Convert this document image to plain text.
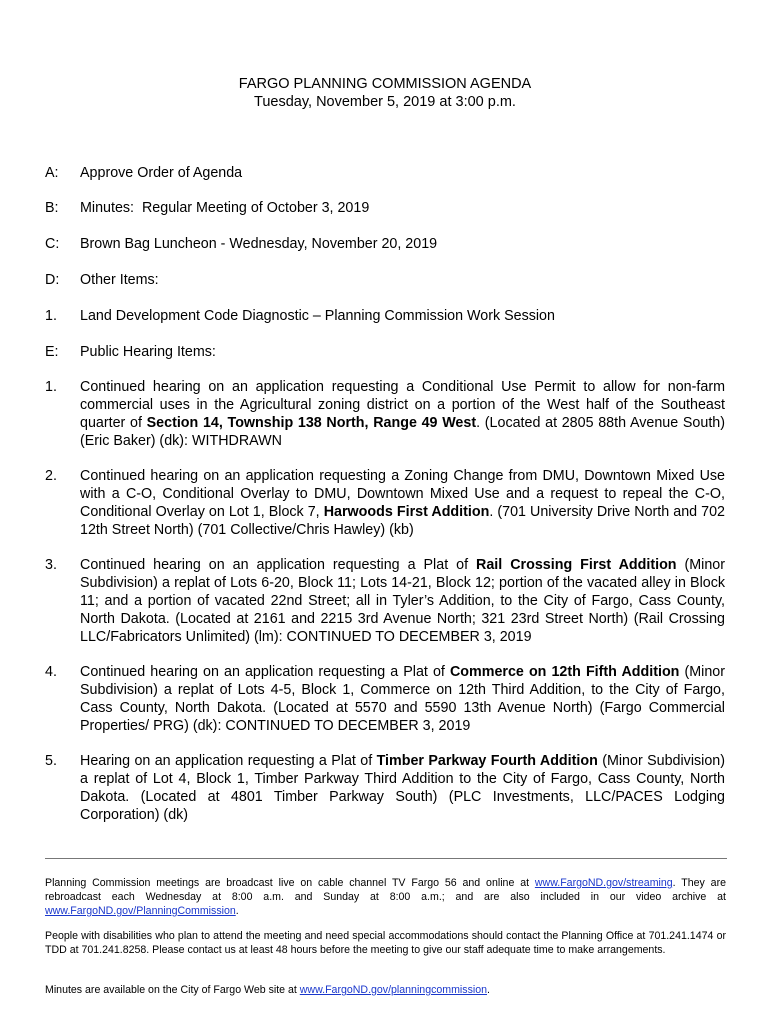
FARGO PLANNING COMMISSION AGENDA
Tuesday, November 5, 2019 at 3:00 p.m.
A: Approve Order of Agenda
B: Minutes:  Regular Meeting of October 3, 2019
C: Brown Bag Luncheon - Wednesday, November 20, 2019
D: Other Items:
1. Land Development Code Diagnostic – Planning Commission Work Session
E: Public Hearing Items:
1. Continued hearing on an application requesting a Conditional Use Permit to allow for non-farm commercial uses in the Agricultural zoning district on a portion of the West half of the Southeast quarter of Section 14, Township 138 North, Range 49 West. (Located at 2805 88th Avenue South) (Eric Baker) (dk): WITHDRAWN
2. Continued hearing on an application requesting a Zoning Change from DMU, Downtown Mixed Use with a C-O, Conditional Overlay to DMU, Downtown Mixed Use and a request to repeal the C-O, Conditional Overlay on Lot 1, Block 7, Harwoods First Addition. (701 University Drive North and 702 12th Street North) (701 Collective/Chris Hawley) (kb)
3. Continued hearing on an application requesting a Plat of Rail Crossing First Addition (Minor Subdivision) a replat of Lots 6-20, Block 11; Lots 14-21, Block 12; portion of the vacated alley in Block 11; and a portion of vacated 22nd Street; all in Tyler’s Addition, to the City of Fargo, Cass County, North Dakota. (Located at 2161 and 2215 3rd Avenue North; 321 23rd Street North) (Rail Crossing LLC/Fabricators Unlimited) (lm): CONTINUED TO DECEMBER 3, 2019
4. Continued hearing on an application requesting a Plat of Commerce on 12th Fifth Addition (Minor Subdivision) a replat of Lots 4-5, Block 1, Commerce on 12th Third Addition, to the City of Fargo, Cass County, North Dakota. (Located at 5570 and 5590 13th Avenue North) (Fargo Commercial Properties/ PRG) (dk): CONTINUED TO DECEMBER 3, 2019
5. Hearing on an application requesting a Plat of Timber Parkway Fourth Addition (Minor Subdivision) a replat of Lot 4, Block 1, Timber Parkway Third Addition to the City of Fargo, Cass County, North Dakota. (Located at 4801 Timber Parkway South) (PLC Investments, LLC/PACES Lodging Corporation) (dk)
Planning Commission meetings are broadcast live on cable channel TV Fargo 56 and online at www.FargoND.gov/streaming. They are rebroadcast each Wednesday at 8:00 a.m. and Sunday at 8:00 a.m.; and are also included in our video archive at www.FargoND.gov/PlanningCommission.
People with disabilities who plan to attend the meeting and need special accommodations should contact the Planning Office at 701.241.1474 or TDD at 701.241.8258. Please contact us at least 48 hours before the meeting to give our staff adequate time to make arrangements.
Minutes are available on the City of Fargo Web site at www.FargoND.gov/planningcommission.
